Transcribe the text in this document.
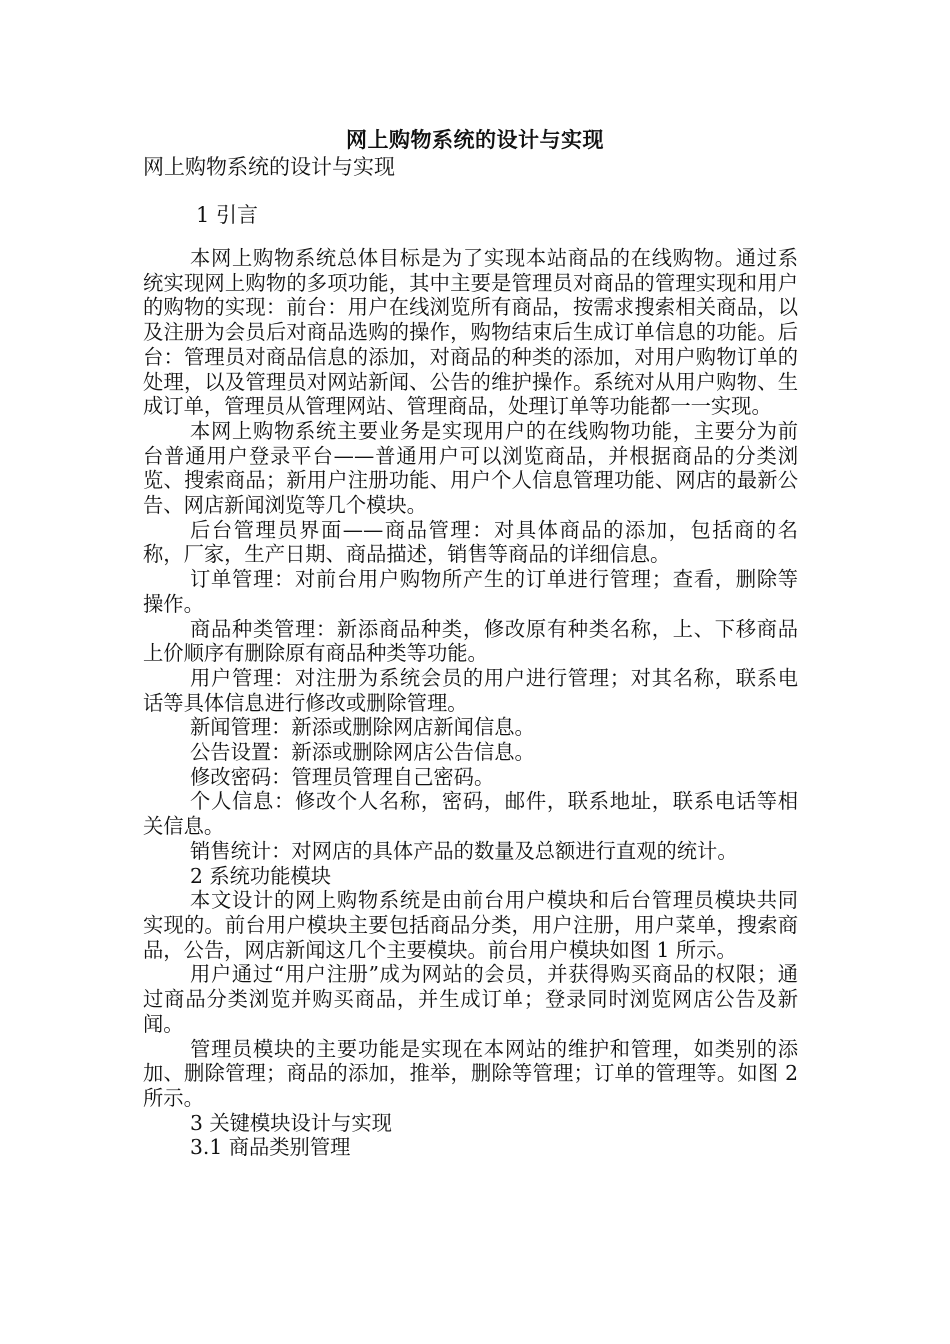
网上购物系统的设计与实现
网上购物系统的设计与实现
1 引言

本网上购物系统总体目标是为了实现本站商品的在线购物。通过系统实现网上购物的多项功能，其中主要是管理员对商品的管理实现和用户的购物的实现：前台：用户在线浏览所有商品，按需求搜索相关商品，以及注册为会员后对商品选购的操作，购物结束后生成订单信息的功能。后台：管理员对商品信息的添加，对商品的种类的添加，对用户购物订单的处理，以及管理员对网站新闻、公告的维护操作。系统对从用户购物、生成订单，管理员从管理网站、管理商品，处理订单等功能都一一实现。

本网上购物系统主要业务是实现用户的在线购物功能，主要分为前台普通用户登录平台——普通用户可以浏览商品，并根据商品的分类浏览、搜索商品；新用户注册功能、用户个人信息管理功能、网店的最新公告、网店新闻浏览等几个模块。

后台管理员界面——商品管理：对具体商品的添加，包括商的名称，厂家，生产日期、商品描述，销售等商品的详细信息。

订单管理：对前台用户购物所产生的订单进行管理；查看，删除等操作。

商品种类管理：新添商品种类，修改原有种类名称，上、下移商品上价顺序有删除原有商品种类等功能。

用户管理：对注册为系统会员的用户进行管理；对其名称，联系电话等具体信息进行修改或删除管理。

新闻管理：新添或删除网店新闻信息。

公告设置：新添或删除网店公告信息。

修改密码：管理员管理自己密码。

个人信息：修改个人名称，密码，邮件，联系地址，联系电话等相关信息。

销售统计：对网店的具体产品的数量及总额进行直观的统计。

2 系统功能模块

本文设计的网上购物系统是由前台用户模块和后台管理员模块共同实现的。前台用户模块主要包括商品分类，用户注册，用户菜单，搜索商品，公告，网店新闻这几个主要模块。前台用户模块如图 1 所示。

用户通过“用户注册”成为网站的会员，并获得购买商品的权限；通过商品分类浏览并购买商品，并生成订单；登录同时浏览网店公告及新闻。

管理员模块的主要功能是实现在本网站的维护和管理，如类别的添加、删除管理；商品的添加，推举，删除等管理；订单的管理等。如图 2 所示。

3 关键模块设计与实现

3.1 商品类别管理
